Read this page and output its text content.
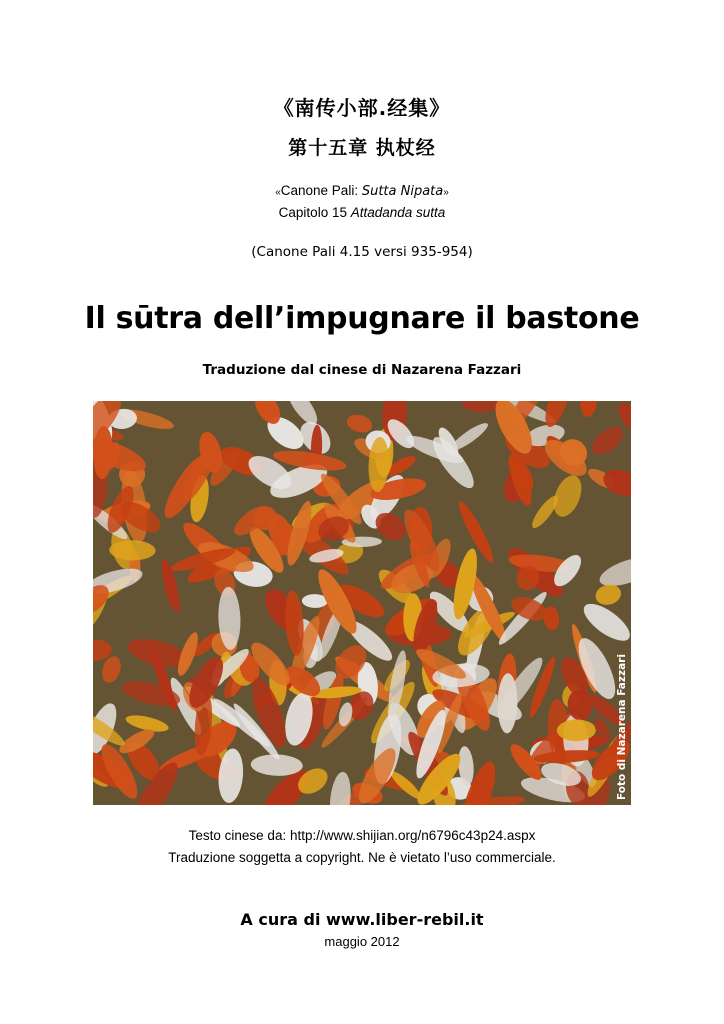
《南传小部.经集》
第十五章 执杖经
«Canone Pali: Sutta Nipata»
Capitolo 15 Attadanda sutta
(Canone Pali 4.15 versi 935-954)
Il sūtra dell’impugnare il bastone
Traduzione dal cinese di Nazarena Fazzari
Foto di Nazarena Fazzari
Testo cinese da: http://www.shijian.org/n6796c43p24.aspx
Traduzione soggetta a copyright. Ne è vietato l’uso commerciale.
A cura di www.liber-rebil.it
maggio 2012
